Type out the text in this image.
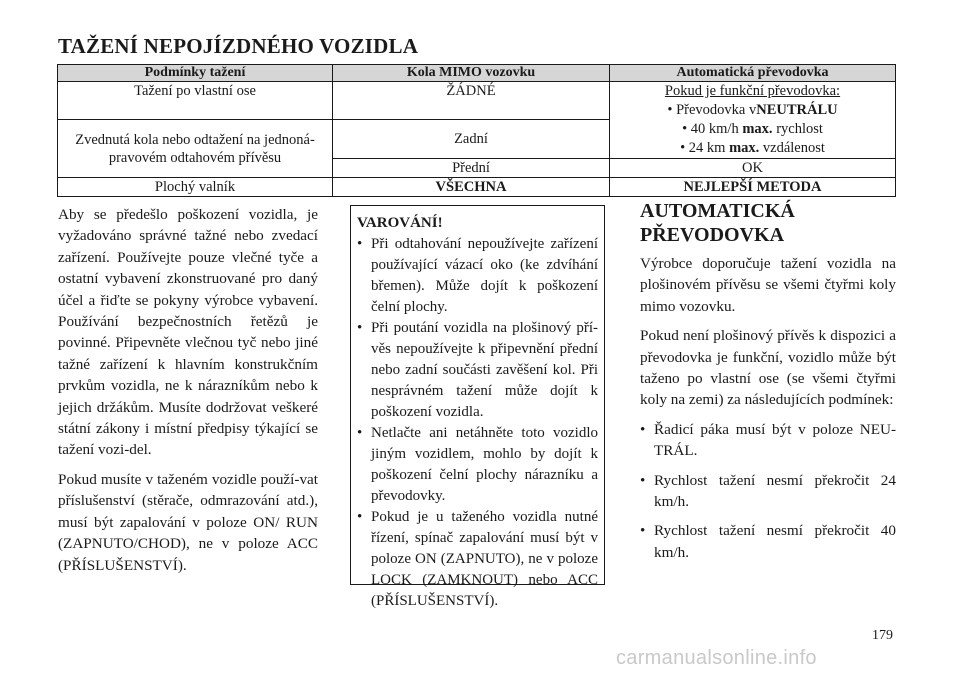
TAŽENÍ NEPOJÍZDNÉHO VOZIDLA
Podmínky tažení	Kola MIMO vozovku	Automatická převodovka
Tažení po vlastní ose	ŽÁDNÉ	Pokud je funkční převodovka:
• Převodovka vNEUTRÁLU
• 40 km/h max. rychlost
• 24 km max. vzdálenost

Zvednutá kola nebo odtažení na jednoná-pravovém odtahovém přívěsu	Zadní	
	Přední	OK
Plochý valník	VŠECHNA	NEJLEPŠÍ METODA

Aby se předešlo poškození vozidla, je vyžadováno správné tažné nebo zvedací zařízení. Používejte pouze vlečné tyče a ostatní vybavení zkonstruované pro daný účel a řiďte se pokyny výrobce vybavení. Používání bezpečnostních řetězů je povinné. Připevněte vlečnou tyč nebo jiné tažné zařízení k hlavním konstrukčním prvkům vozidla, ne k nárazníkům nebo k jejich držákům. Musíte dodržovat veškeré státní zákony i místní předpisy týkající se tažení vozi-del.

Pokud musíte v taženém vozidle použí-vat příslušenství (stěrače, odmrazování atd.), musí být zapalování v poloze ON/ RUN (ZAPNUTO/CHOD), ne v poloze ACC (PŘÍSLUŠENSTVÍ).

VAROVÁNÍ!
• Při odtahování nepoužívejte zařízení používající vázací oko (ke zdvíhání břemen). Může dojít k poškození čelní plochy.
• Při poutání vozidla na plošinový pří-věs nepoužívejte k připevnění přední nebo zadní součásti zavěšení kol. Při nesprávném tažení může dojít k poškození vozidla.
• Netlačte ani netáhněte toto vozidlo jiným vozidlem, mohlo by dojít k poškození čelní plochy nárazníku a převodovky.
• Pokud je u taženého vozidla nutné řízení, spínač zapalování musí být v poloze ON (ZAPNUTO), ne v poloze LOCK (ZAMKNOUT) nebo ACC (PŘÍSLUŠENSTVÍ).
AUTOMATICKÁ PŘEVODOVKA

Výrobce doporučuje tažení vozidla na plošinovém přívěsu se všemi čtyřmi koly mimo vozovku.

Pokud není plošinový přívěs k dispozici a převodovka je funkční, vozidlo může být taženo po vlastní ose (se všemi čtyřmi koly na zemi) za následujících podmínek:

• Řadicí páka musí být v poloze NEU-TRÁL.
• Rychlost tažení nesmí překročit 24 km/h.
• Rychlost tažení nesmí překročit 40 km/h.
179
carmanualsonline.info
